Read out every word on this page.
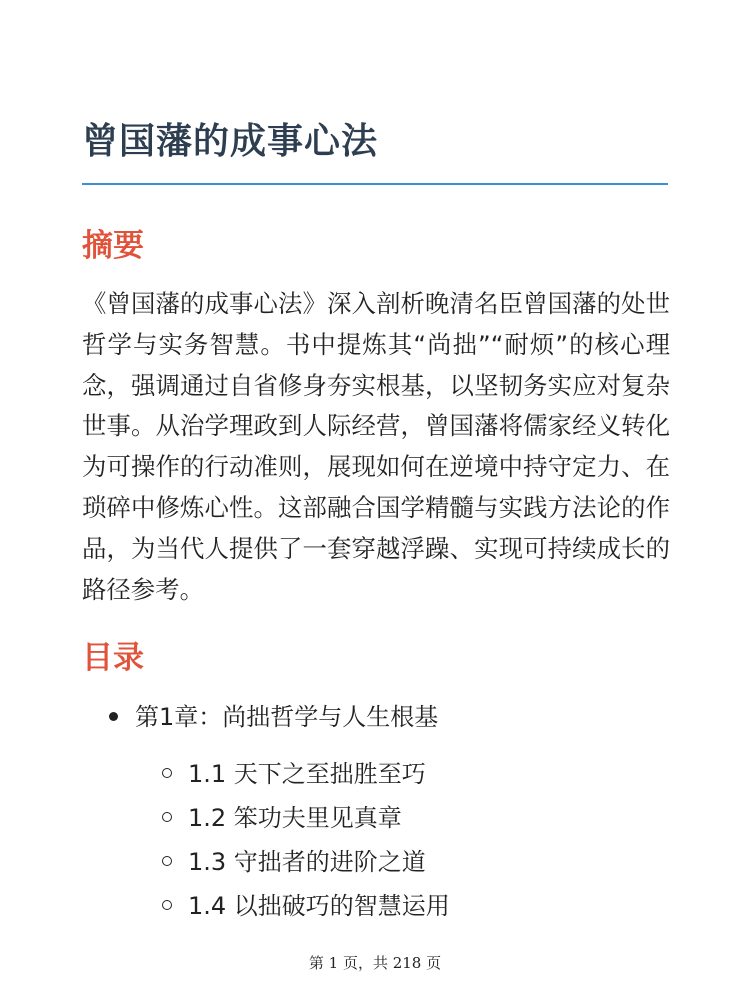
曾国藩的成事心法
摘要

《曾国藩的成事心法》深入剖析晚清名臣曾国藩的处世哲学与实务智慧。书中提炼其“尚拙”“耐烦”的核心理念，强调通过自省修身夯实根基，以坚韧务实应对复杂世事。从治学理政到人际经营，曾国藩将儒家经义转化为可操作的行动准则，展现如何在逆境中持守定力、在琐碎中修炼心性。这部融合国学精髓与实践方法论的作品，为当代人提供了一套穿越浮躁、实现可持续成长的路径参考。

目录
第1章：尚拙哲学与人生根基
1.1 天下之至拙胜至巧
1.2 笨功夫里见真章
1.3 守拙者的进阶之道
1.4 以拙破巧的智慧运用
第 1 页，共 218 页
